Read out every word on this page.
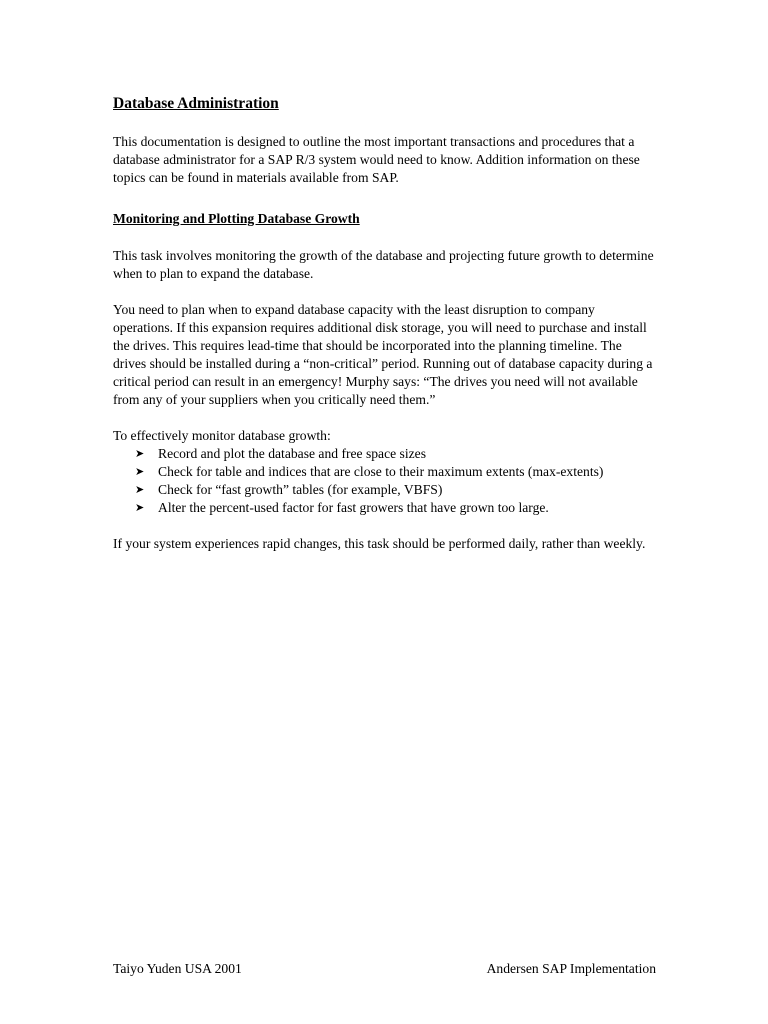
Database Administration

This documentation is designed to outline the most important transactions and procedures that a database administrator for a SAP R/3 system would need to know. Addition information on these topics can be found in materials available from SAP.

Monitoring and Plotting Database Growth

This task involves monitoring the growth of the database and projecting future growth to determine when to plan to expand the database.

You need to plan when to expand database capacity with the least disruption to company operations. If this expansion requires additional disk storage, you will need to purchase and install the drives. This requires lead-time that should be incorporated into the planning timeline. The drives should be installed during a “non-critical” period. Running out of database capacity during a critical period can result in an emergency! Murphy says: “The drives you need will not available from any of your suppliers when you critically need them.”

To effectively monitor database growth:

➤ Record and plot the database and free space sizes
➤ Check for table and indices that are close to their maximum extents (max-extents)
➤ Check for “fast growth” tables (for example, VBFS)
➤ Alter the percent-used factor for fast growers that have grown too large.

If your system experiences rapid changes, this task should be performed daily, rather than weekly.

Taiyo Yuden USA 2001	Andersen SAP Implementation
